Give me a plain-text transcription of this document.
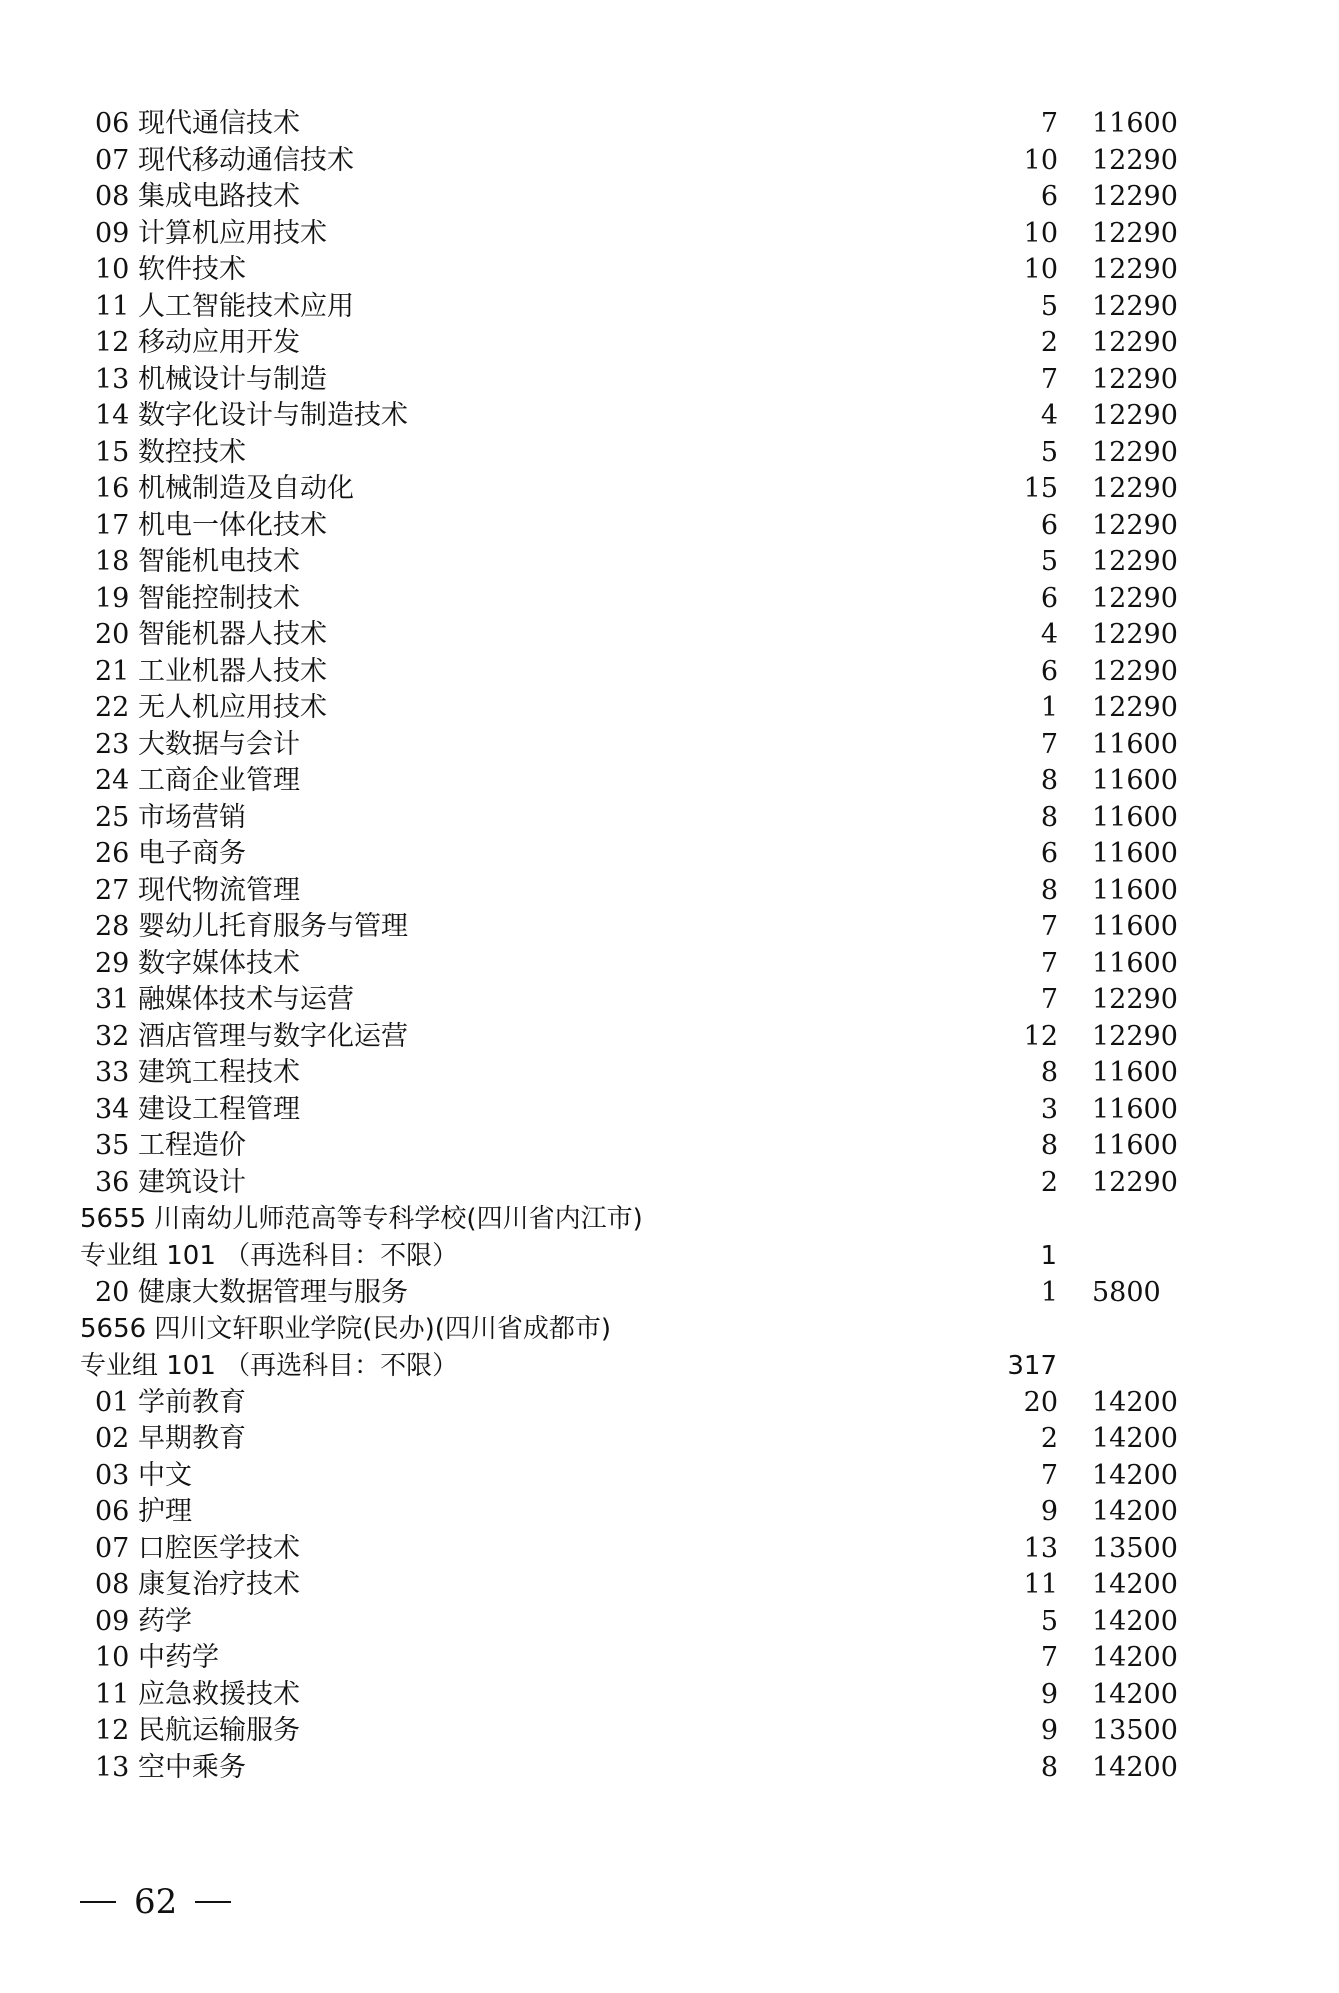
06 现代通信技术	7 11600
07 现代移动通信技术	10 12290
08 集成电路技术	6 12290
09 计算机应用技术	10 12290
10 软件技术	10 12290
11 人工智能技术应用	5 12290
12 移动应用开发	2 12290
13 机械设计与制造	7 12290
14 数字化设计与制造技术	4 12290
15 数控技术	5 12290
16 机械制造及自动化	15 12290
17 机电一体化技术	6 12290
18 智能机电技术	5 12290
19 智能控制技术	6 12290
20 智能机器人技术	4 12290
21 工业机器人技术	6 12290
22 无人机应用技术	1 12290
23 大数据与会计	7 11600
24 工商企业管理	8 11600
25 市场营销	8 11600
26 电子商务	6 11600
27 现代物流管理	8 11600
28 婴幼儿托育服务与管理	7 11600
29 数字媒体技术	7 11600
31 融媒体技术与运营	7 12290
32 酒店管理与数字化运营	12 12290
33 建筑工程技术	8 11600
34 建设工程管理	3 11600
35 工程造价	8 11600
36 建筑设计	2 12290
5655 川南幼儿师范高等专科学校(四川省内江市)
专业组 101 （再选科目：不限）	1
20 健康大数据管理与服务	1 5800
5656 四川文轩职业学院(民办)(四川省成都市)
专业组 101 （再选科目：不限）	317
01 学前教育	20 14200
02 早期教育	2 14200
03 中文	7 14200
06 护理	9 14200
07 口腔医学技术	13 13500
08 康复治疗技术	11 14200
09 药学	5 14200
10 中药学	7 14200
11 应急救援技术	9 14200
12 民航运输服务	9 13500
13 空中乘务	8 14200
62
